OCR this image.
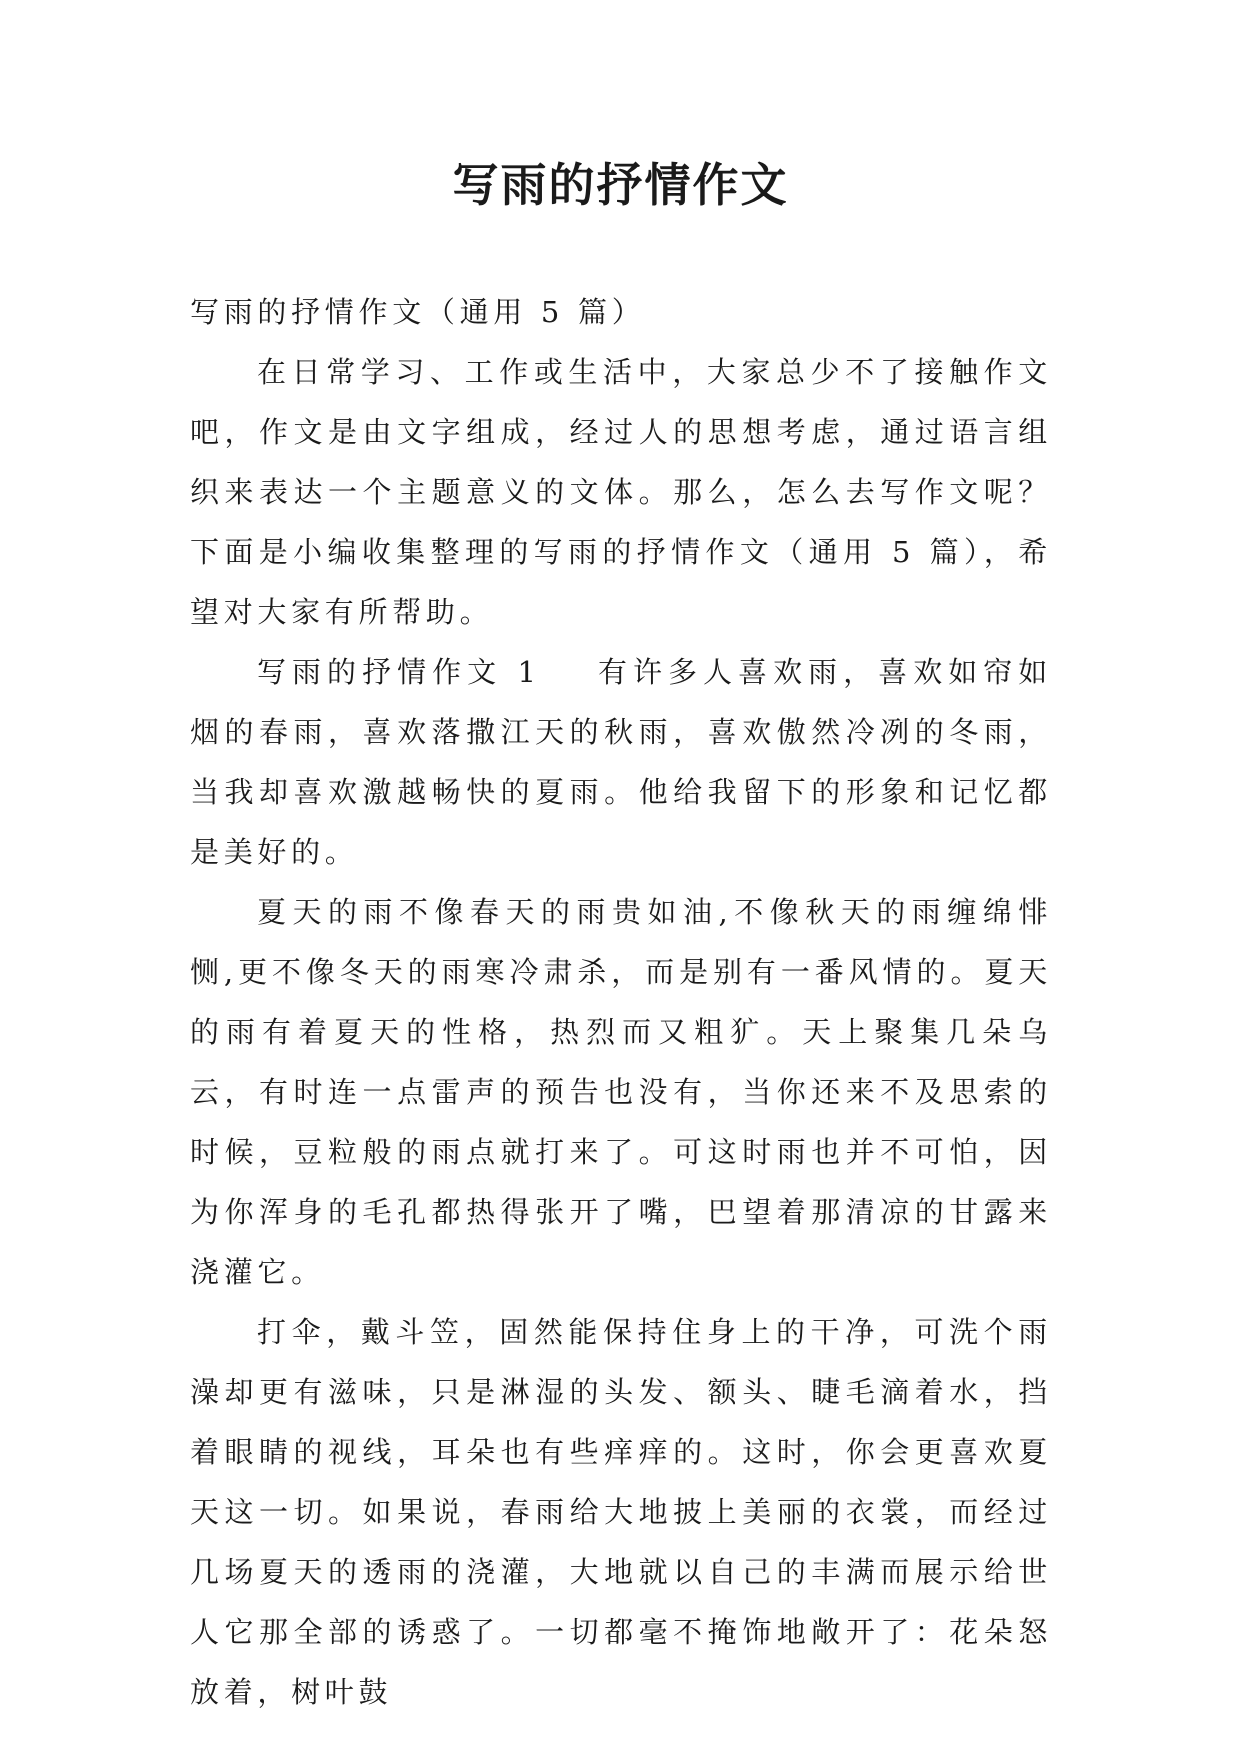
写雨的抒情作文

写雨的抒情作文（通用 5 篇）

在日常学习、工作或生活中，大家总少不了接触作文吧，作文是由文字组成，经过人的思想考虑，通过语言组织来表达一个主题意义的文体。那么，怎么去写作文呢？下面是小编收集整理的写雨的抒情作文（通用 5 篇），希望对大家有所帮助。

写雨的抒情作文 1 有许多人喜欢雨，喜欢如帘如烟的春雨，喜欢落撒江天的秋雨，喜欢傲然冷冽的冬雨，当我却喜欢激越畅快的夏雨。他给我留下的形象和记忆都是美好的。

夏天的雨不像春天的雨贵如油,不像秋天的雨缠绵悱恻,更不像冬天的雨寒冷肃杀，而是别有一番风情的。夏天的雨有着夏天的性格，热烈而又粗犷。天上聚集几朵乌云，有时连一点雷声的预告也没有，当你还来不及思索的时候，豆粒般的雨点就打来了。可这时雨也并不可怕，因为你浑身的毛孔都热得张开了嘴，巴望着那清凉的甘露来浇灌它。

打伞，戴斗笠，固然能保持住身上的干净，可洗个雨澡却更有滋味，只是淋湿的头发、额头、睫毛滴着水，挡着眼睛的视线，耳朵也有些痒痒的。这时，你会更喜欢夏天这一切。如果说，春雨给大地披上美丽的衣裳，而经过几场夏天的透雨的浇灌，大地就以自己的丰满而展示给世人它那全部的诱惑了。一切都毫不掩饰地敞开了：花朵怒放着，树叶鼓
